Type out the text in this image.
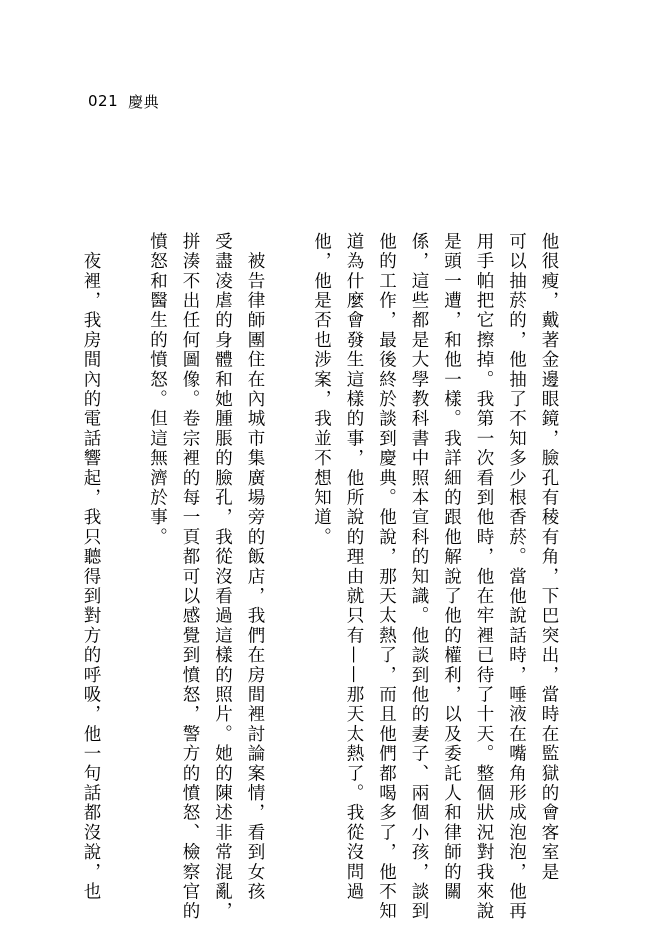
021 慶典
他很瘦，戴著金邊眼鏡，臉孔有稜有角，下巴突出，當時在監獄的會客室是
可以抽菸的，他抽了不知多少根香菸。當他說話時，唾液在嘴角形成泡泡，他再
用手帕把它擦掉。我第一次看到他時，他在牢裡已待了十天。整個狀況對我來說
是頭一遭，和他一樣。我詳細的跟他解說了他的權利，以及委託人和律師的關
係，這些都是大學教科書中照本宣科的知識。他談到他的妻子、兩個小孩，談到
他的工作，最後終於談到慶典。他說，那天太熱了，而且他們都喝多了，他不知
道為什麼會發生這樣的事，他所說的理由就只有——那天太熱了。我從沒問過
他，他是否也涉案，我並不想知道。
　被告律師團住在內城市集廣場旁的飯店，我們在房間裡討論案情，看到女孩
受盡凌虐的身體和她腫脹的臉孔，我從沒看過這樣的照片。她的陳述非常混亂，
拼湊不出任何圖像。卷宗裡的每一頁都可以感覺到憤怒，警方的憤怒、檢察官的
憤怒和醫生的憤怒。但這無濟於事。
　夜裡，我房間內的電話響起，我只聽得到對方的呼吸，他一句話都沒說，也
